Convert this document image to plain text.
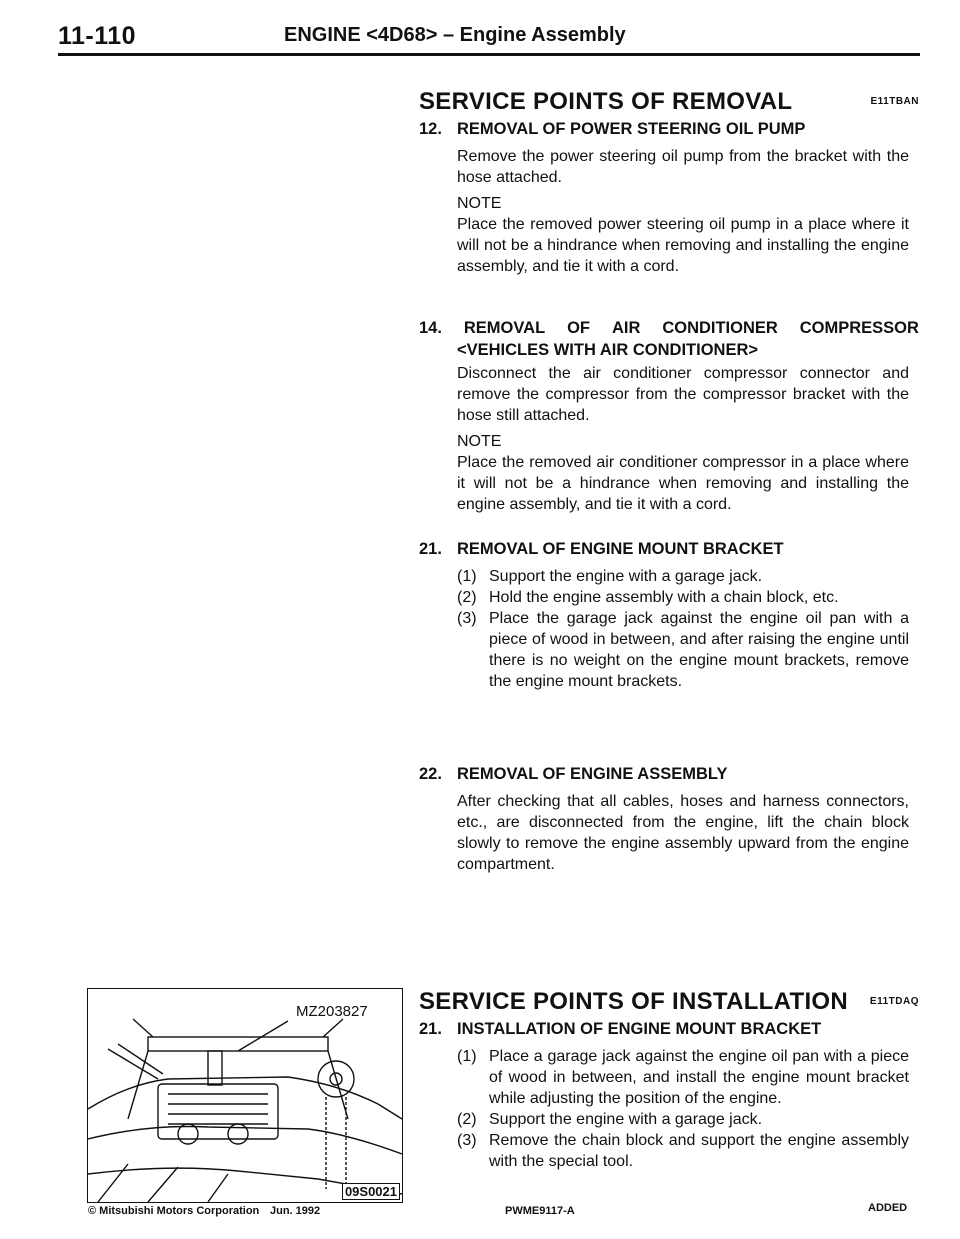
11-110	ENGINE <4D68> – Engine Assembly
SERVICE POINTS OF REMOVAL	E11TBAN
12. REMOVAL OF POWER STEERING OIL PUMP
Remove the power steering oil pump from the bracket with the hose attached.
NOTE
Place the removed power steering oil pump in a place where it will not be a hindrance when removing and installing the engine assembly, and tie it with a cord.
14. REMOVAL OF AIR CONDITIONER COMPRESSOR
<VEHICLES WITH AIR CONDITIONER>
Disconnect the air conditioner compressor connector and remove the compressor from the compressor bracket with the hose still attached.
NOTE
Place the removed air conditioner compressor in a place where it will not be a hindrance when removing and installing the engine assembly, and tie it with a cord.
21. REMOVAL OF ENGINE MOUNT BRACKET
(1) Support the engine with a garage jack.
(2) Hold the engine assembly with a chain block, etc.
(3) Place the garage jack against the engine oil pan with a piece of wood in between, and after raising the engine until there is no weight on the engine mount brackets, remove the engine mount brackets.
22. REMOVAL OF ENGINE ASSEMBLY
After checking that all cables, hoses and harness connectors, etc., are disconnected from the engine, lift the chain block slowly to remove the engine assembly upward from the engine compartment.
SERVICE POINTS OF INSTALLATION E11TDAQ
21. INSTALLATION OF ENGINE MOUNT BRACKET
(1) Place a garage jack against the engine oil pan with a piece of wood in between, and install the engine mount bracket while adjusting the position of the engine.
(2) Support the engine with a garage jack.
(3) Remove the chain block and support the engine assembly with the special tool.
MZ203827
09S0021
© Mitsubishi Motors Corporation Jun. 1992	PWME9117-A	ADDED
